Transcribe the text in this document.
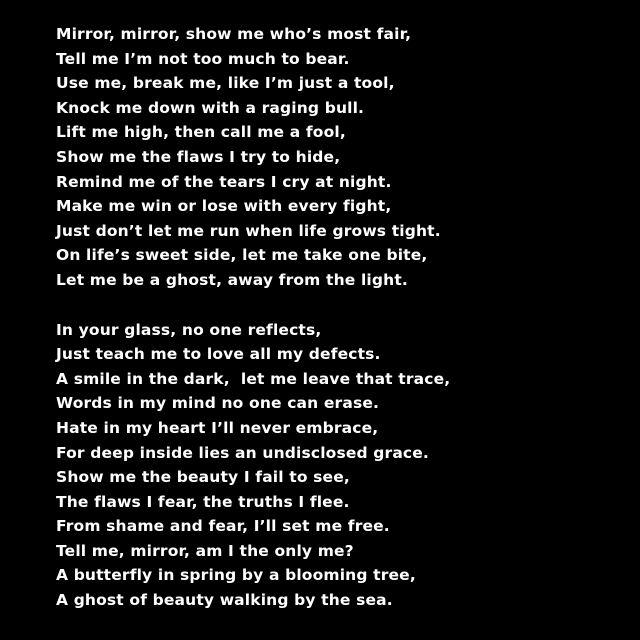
Mirror, mirror, show me who’s most fair,
Tell me I’m not too much to bear.
Use me, break me, like I’m just a tool,
Knock me down with a raging bull.
Lift me high, then call me a fool,
Show me the flaws I try to hide,
Remind me of the tears I cry at night.
Make me win or lose with every fight,
Just don’t let me run when life grows tight.
On life’s sweet side, let me take one bite,
Let me be a ghost, away from the light.
In your glass, no one reflects,
Just teach me to love all my defects.
A smile in the dark,  let me leave that trace,
Words in my mind no one can erase.
Hate in my heart I’ll never embrace,
For deep inside lies an undisclosed grace.
Show me the beauty I fail to see,
The flaws I fear, the truths I flee.
From shame and fear, I’ll set me free.
Tell me, mirror, am I the only me?
A butterfly in spring by a blooming tree,
A ghost of beauty walking by the sea.
